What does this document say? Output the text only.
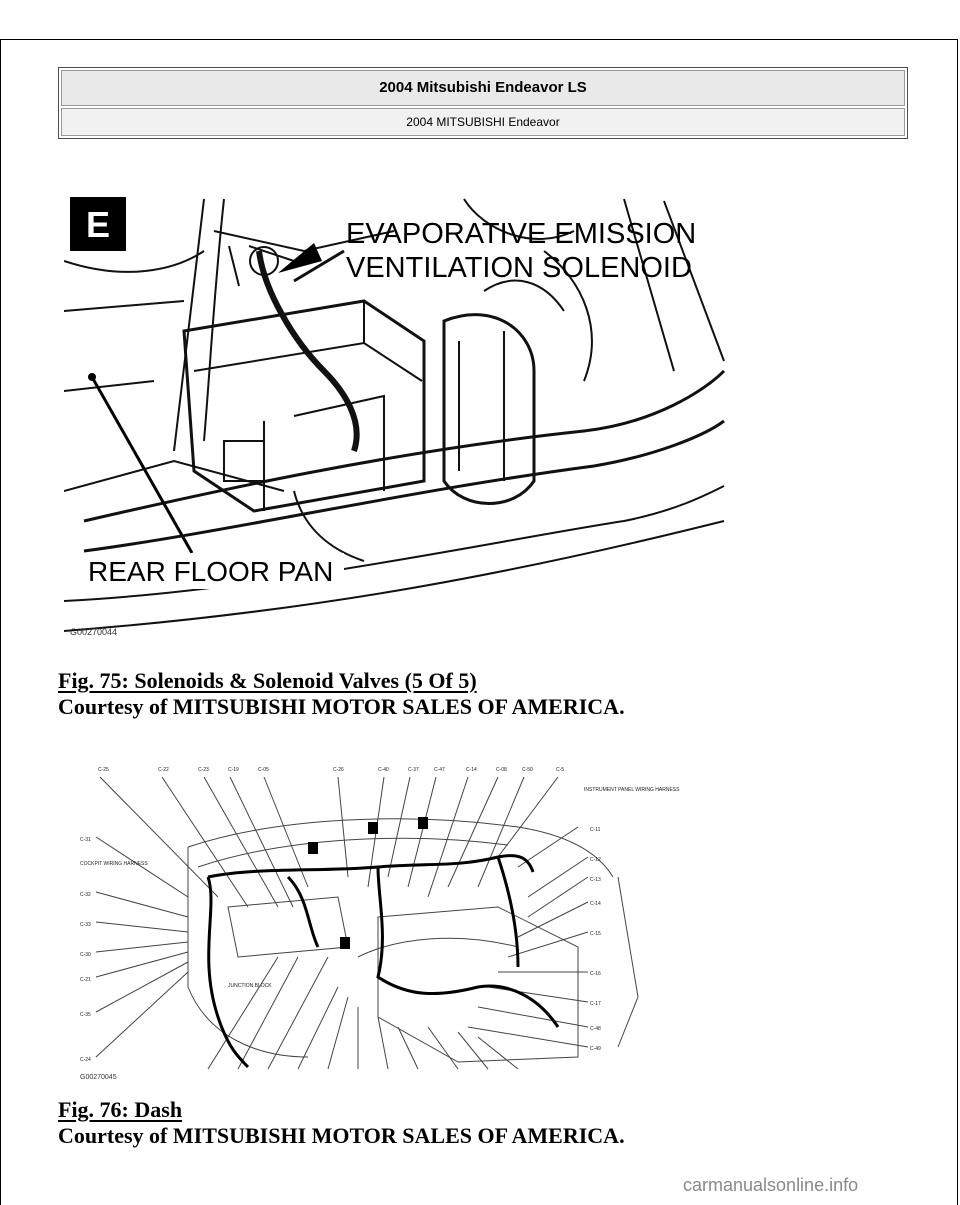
2004 Mitsubishi Endeavor LS
2004 MITSUBISHI Endeavor
E	EVAPORATIVE EMISSION
VENTILATION SOLENOID
REAR FLOOR PAN
G00270044
Fig. 75: Solenoids & Solenoid Valves (5 Of 5)
Courtesy of MITSUBISHI MOTOR SALES OF AMERICA.
C-25	C-22	C-23	C-19	C-05	C-26	C-40	C-37	C-47	C-14	C-08	C-50	C-5
C-11
C-12
C-13
C-14
C-15
C-16
C-17
C-48
C-49
C-31
C-32
C-33
C-30
C-21
C-35
C-24
INSTRUMENT PANEL WIRING HARNESS
COCKPIT WIRING HARNESS
JUNCTION BLOCK
G00270045
Fig. 76: Dash
Courtesy of MITSUBISHI MOTOR SALES OF AMERICA.
carmanualsonline.info
